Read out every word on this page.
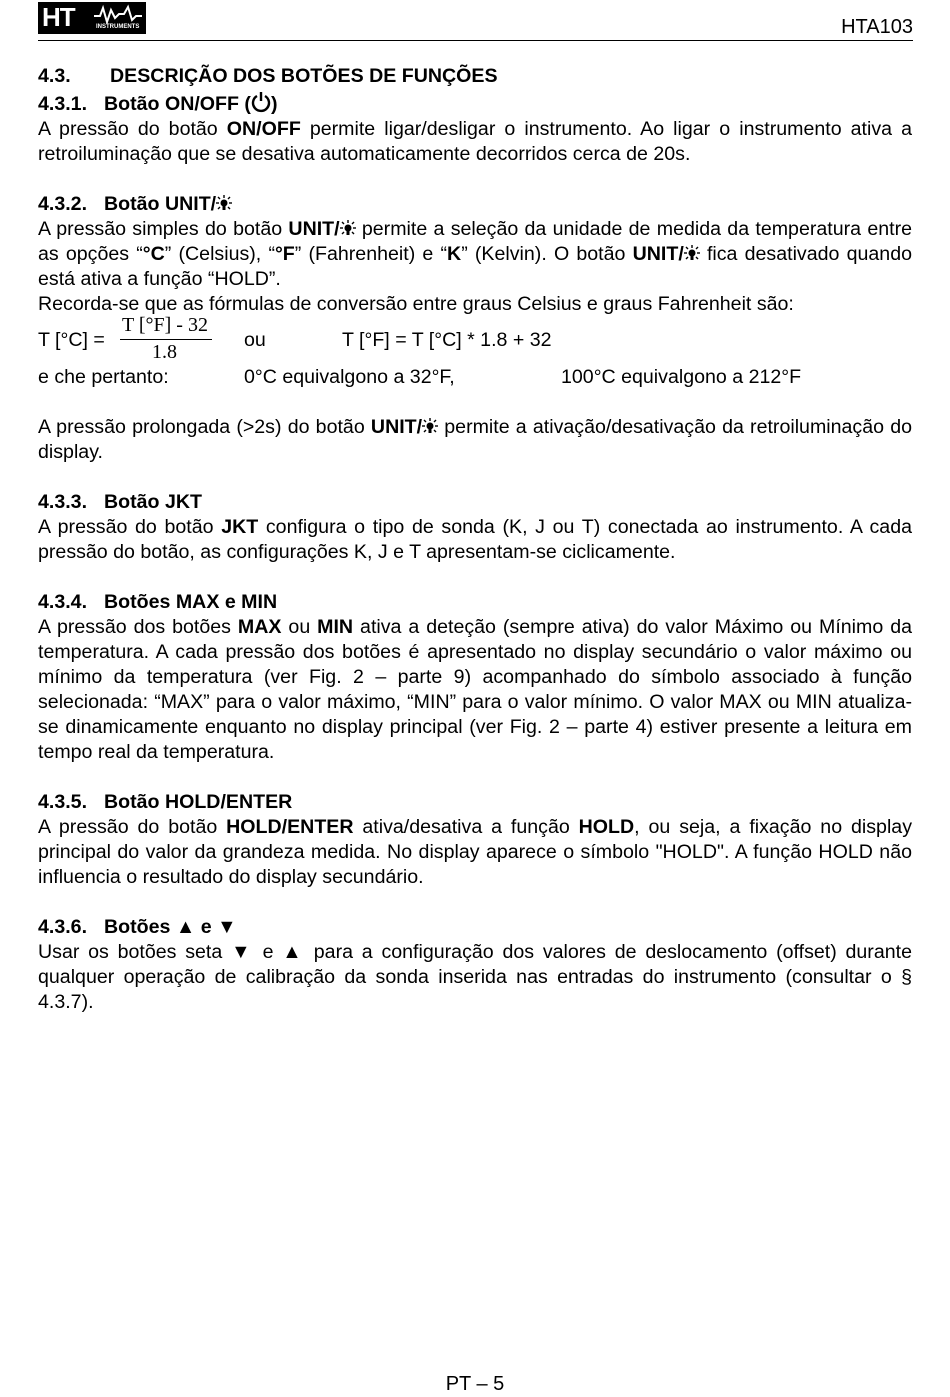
HT	INSTRUMENTS	HTA103
4.3. DESCRIÇÃO DOS BOTÕES DE FUNÇÕES
4.3.1. Botão ON/OFF ( )

A pressão do botão ON/OFF permite ligar/desligar o instrumento. Ao ligar o instrumento ativa a retroiluminação que se desativa automaticamente decorridos cerca de 20s.

4.3.2. Botão UNIT/

A pressão simples do botão UNIT/ permite a seleção da unidade de medida da temperatura entre as opções “°C” (Celsius), “°F” (Fahrenheit) e “K” (Kelvin). O botão UNIT/ fica desativado quando está ativa a função “HOLD”.

Recorda-se que as fórmulas de conversão entre graus Celsius e graus Fahrenheit são:

T [°C] =
T [°F] - 32
1.8
ou	T [°F] = T [°C] * 1.8 + 32
e che pertanto:	0°C equivalgono a 32°F,	100°C equivalgono a 212°F

A pressão prolongada (>2s) do botão UNIT/ permite a ativação/desativação da retroiluminação do display.

4.3.3. Botão JKT

A pressão do botão JKT configura o tipo de sonda (K, J ou T) conectada ao instrumento. A cada pressão do botão, as configurações K, J e T apresentam-se ciclicamente.

4.3.4. Botões MAX e MIN

A pressão dos botões MAX ou MIN ativa a deteção (sempre ativa) do valor Máximo ou Mínimo da temperatura. A cada pressão dos botões é apresentado no display secundário o valor máximo ou mínimo da temperatura (ver Fig. 2 – parte 9) acompanhado do símbolo associado à função selecionada: “MAX” para o valor máximo, “MIN” para o valor mínimo. O valor MAX ou MIN atualiza-se dinamicamente enquanto no display principal (ver Fig. 2 – parte 4) estiver presente a leitura em tempo real da temperatura.

4.3.5. Botão HOLD/ENTER

A pressão do botão HOLD/ENTER ativa/desativa a função HOLD, ou seja, a fixação no display principal do valor da grandeza medida. No display aparece o símbolo "HOLD". A função HOLD não influencia o resultado do display secundário.

4.3.6. Botões ▲ e ▼

Usar os botões seta ▼ e ▲ para a configuração dos valores de deslocamento (offset) durante qualquer operação de calibração da sonda inserida nas entradas do instrumento (consultar o § 4.3.7).

PT – 5
